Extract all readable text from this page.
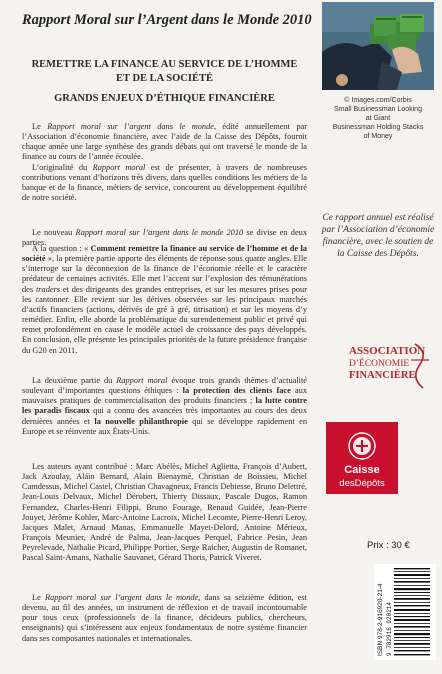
Rapport Moral sur l’Argent dans le Monde 2010
REMETTRE LA FINANCE AU SERVICE DE L’HOMME
ET DE LA SOCIÉTÉ
GRANDS ENJEUX D’ÉTHIQUE FINANCIÈRE

Le Rapport moral sur l’argent dans le monde, édité annuellement par l’Association d’économie financière, avec l’aide de la Caisse des Dépôts, fournit chaque année une large synthèse des grands débats qui ont traversé le monde de la finance au cours de l’année écoulée.

L’originalité du Rapport moral est de présenter, à travers de nombreuses contributions venant d’horizons très divers, dans quelles conditions les métiers de la banque et de la finance, métiers de service, concourent au développement équilibré de notre société.

Le nouveau Rapport moral sur l’argent dans le monde 2010 se divise en deux parties.

À la question : « Comment remettre la finance au service de l’homme et de la société », la première partie apporte des éléments de réponse sous quatre angles. Elle s’interroge sur la déconnexion de la finance de l’économie réelle et le caractère prédateur de certaines activités. Elle met l’accent sur l’explosion des rémunérations des traders et des dirigeants des grandes entreprises, et sur les mesures prises pour les cantonner. Elle revient sur les dérives observées sur les principaux marchés d’actifs financiers (actions, dérivés de gré à gré, titrisation) et sur les moyens d’y remédier. Enfin, elle aborde la problématique du surendettement public et privé qui remet profondément en cause le modèle actuel de croissance des pays développés. En conclusion, elle présente les principales priorités de la future présidence française du G20 en 2011.

La deuxième partie du Rapport moral évoque trois grands thèmes d’actualité soulevant d’importantes questions éthiques : la protection des clients face aux mauvaises pratiques de commercialisation des produits financiers ; la lutte contre les paradis fiscaux qui a connu des avancées très importantes au cours des deux dernières années et la nouvelle philanthropie qui se développe rapidement en Europe et se réinvente aux États-Unis.

Les auteurs ayant contribué : Marc Abélès, Michel Aglietta, François d’Aubert, Jack Azoulay, Aláin Bernard, Alain Bienaymé, Christian de Boissieu, Michel Camdessus, Michel Castel, Christian Chavagneux, Francis Debiesse, Bruno Delettré, Jean-Louis Delvaux, Michel Dérobert, Thierry Dissaux, Pascale Dugos, Ramon Fernandez, Charles-Henri Filippi, Bruno Fourage, Renaud Guidée, Jean-Pierre Jouyet, Jérôme Kohler, Marc-Antoine Lacroix, Michel Lecomte, Pierre-Henri Leroy, Jacques Malet, Arnaud Manas, Emmanuelle Mayet-Delord, Antoine Mérieux, François Meunier, André de Palma, Jean-Jacques Perquel, Fabrice Pesin, Jean Peyrelevade, Nathalie Picard, Philippe Portier, Serge Raicher, Augustin de Romanet, Pascal Saint-Amans, Nathalie Sauvanet, Gérard Thoris, Patrick Viveret.

Le Rapport moral sur l’argent dans le monde, dans sa seizième édition, est devenu, au fil des années, un instrument de réflexion et de travail incontournable pour tous ceux (professionnels de la finance, décideurs publics, chercheurs, enseignants) qui s’intéressent aux enjeux fondamentaux de notre système financier dans ses composantes nationales et internationales.

© Images.com/Corbis
Small Businessman Looking
at Giant
Businessman Holding Stacks
of Money
Ce rapport annuel est réalisé par l’Association d’économie financière, avec le soutien de la Caisse des Dépôts.
ASSOCIATION
D’ÉCONOMIE
FINANCIÈRE
Caisse
desDépôts
Prix : 30 €
ISBN 978-2-916920-21-4 9 782916 920214
